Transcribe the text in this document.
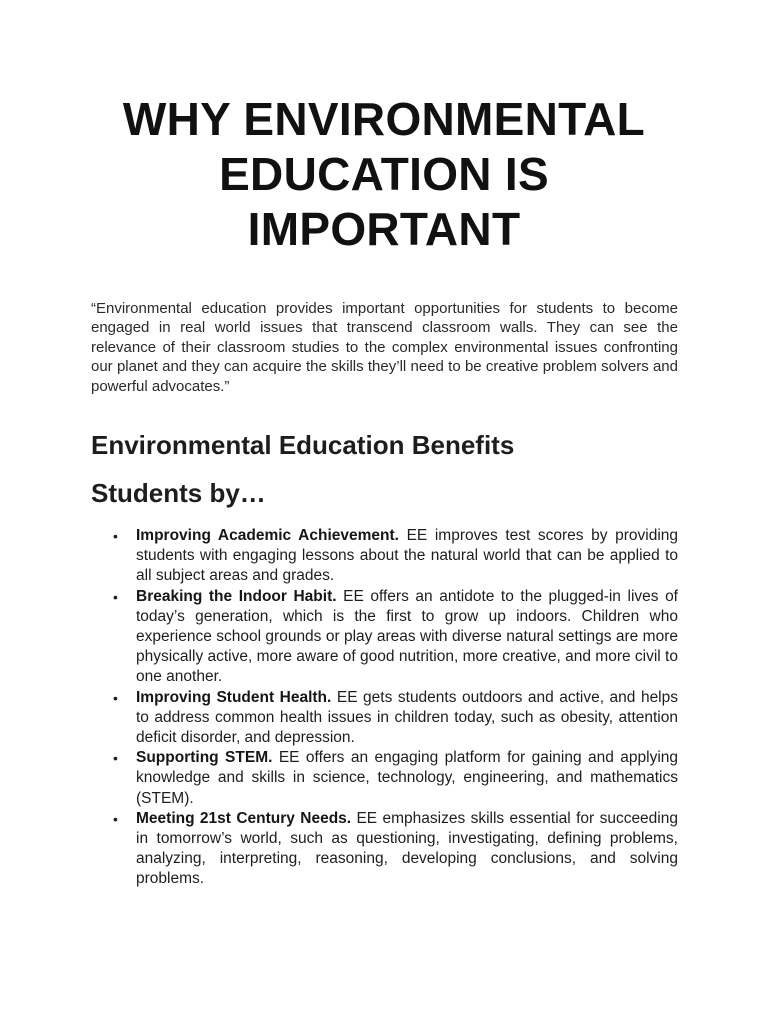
WHY ENVIRONMENTAL
EDUCATION IS
IMPORTANT

“Environmental education provides important opportunities for students to become engaged in real world issues that transcend classroom walls. They can see the relevance of their classroom studies to the complex environmental issues confronting our planet and they can acquire the skills they’ll need to be creative problem solvers and powerful advocates.”

Environmental Education Benefits
Students by…
• Improving Academic Achievement. EE improves test scores by providing students with engaging lessons about the natural world that can be applied to all subject areas and grades.
• Breaking the Indoor Habit. EE offers an antidote to the plugged-in lives of today’s generation, which is the first to grow up indoors. Children who experience school grounds or play areas with diverse natural settings are more physically active, more aware of good nutrition, more creative, and more civil to one another.
• Improving Student Health. EE gets students outdoors and active, and helps to address common health issues in children today, such as obesity, attention deficit disorder, and depression.
• Supporting STEM. EE offers an engaging platform for gaining and applying knowledge and skills in science, technology, engineering, and mathematics (STEM).
• Meeting 21st Century Needs. EE emphasizes skills essential for succeeding in tomorrow’s world, such as questioning, investigating, defining problems, analyzing, interpreting, reasoning, developing conclusions, and solving problems.
